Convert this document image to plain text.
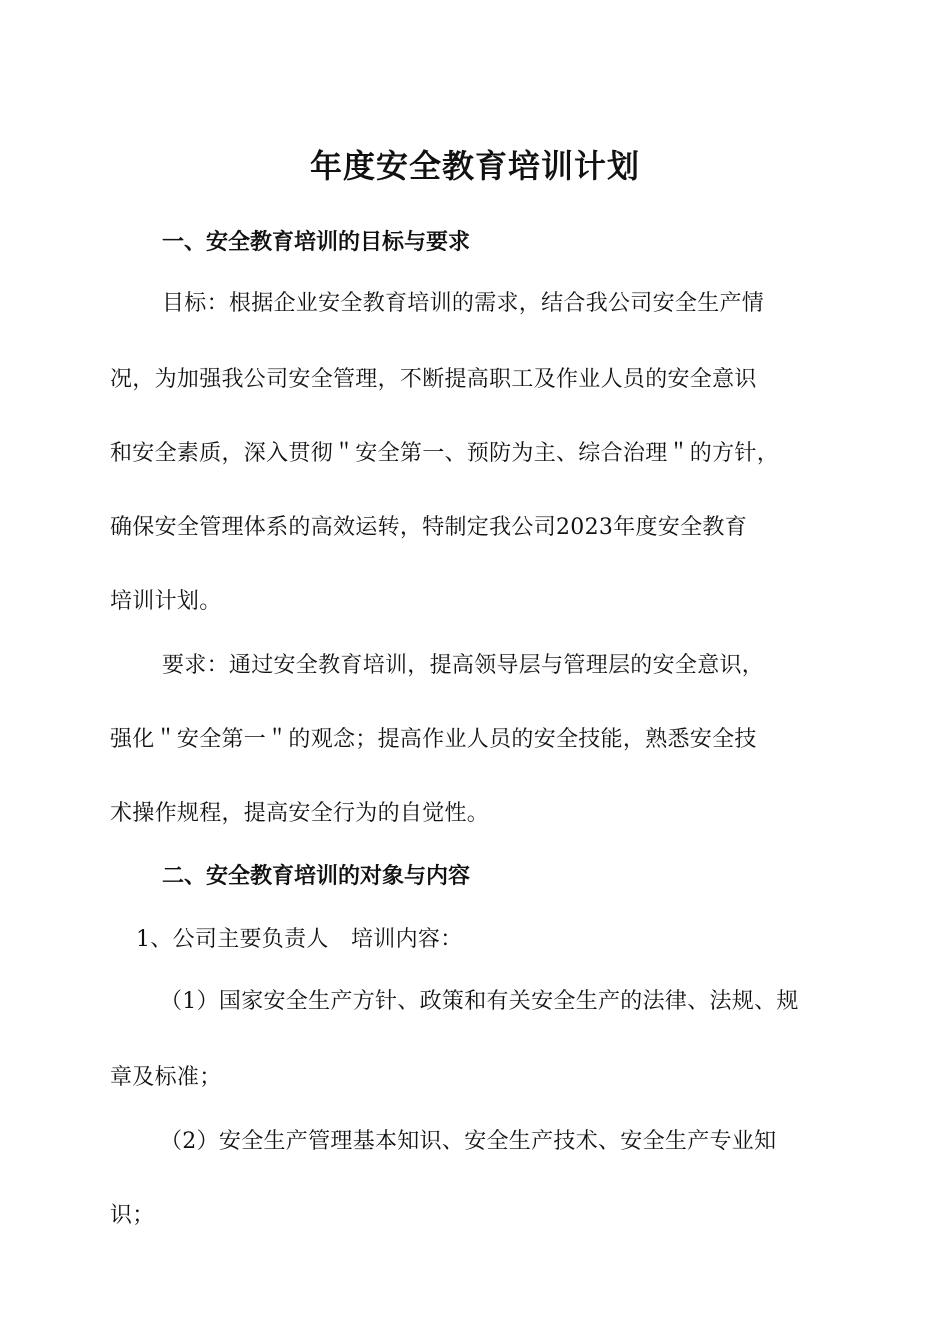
年度安全教育培训计划
一、安全教育培训的目标与要求
目标：根据企业安全教育培训的需求，结合我公司安全生产情
况，为加强我公司安全管理，不断提高职工及作业人员的安全意识
和安全素质，深入贯彻＂安全第一、预防为主、综合治理＂的方针，
确保安全管理体系的高效运转，特制定我公司2023年度安全教育
培训计划。
要求：通过安全教育培训，提高领导层与管理层的安全意识，
强化＂安全第一＂的观念；提高作业人员的安全技能，熟悉安全技
术操作规程，提高安全行为的自觉性。
二、安全教育培训的对象与内容
1、公司主要负责人　培训内容：
（1）国家安全生产方针、政策和有关安全生产的法律、法规、规
章及标准；
（2）安全生产管理基本知识、安全生产技术、安全生产专业知
识；
